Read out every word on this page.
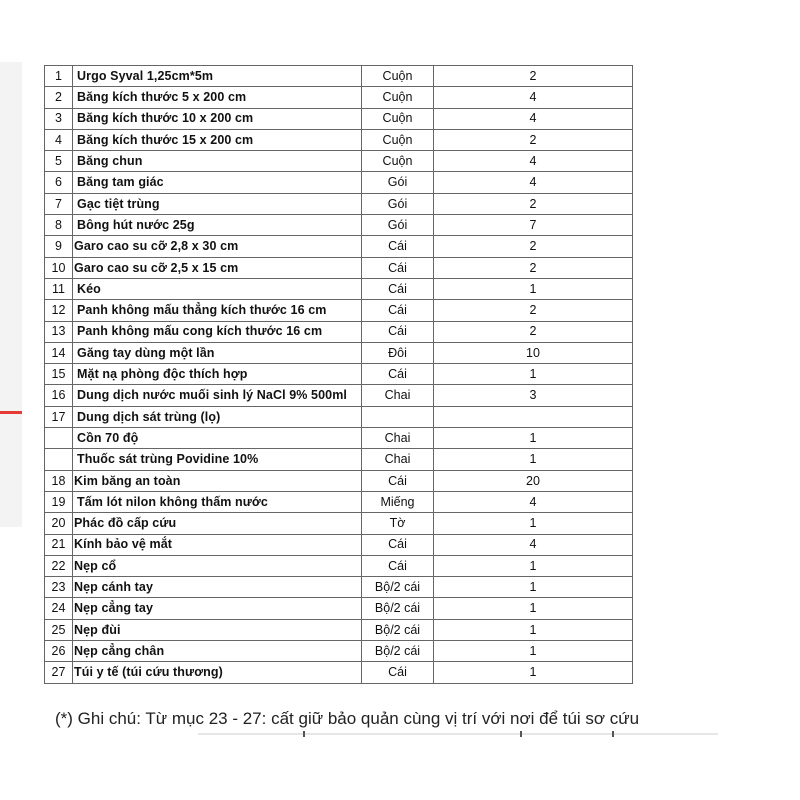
1	Urgo Syval 1,25cm*5m	Cuộn	2
2	Băng kích thước 5 x 200 cm	Cuộn	4
3	Băng kích thước 10 x 200 cm	Cuộn	4
4	Băng kích thước 15 x 200 cm	Cuộn	2
5	Băng chun	Cuộn	4
6	Băng tam giác	Gói	4
7	Gạc tiệt trùng	Gói	2
8	Bông hút nước 25g	Gói	7
9	Garo cao su cỡ 2,8 x 30 cm	Cái	2
10	Garo cao su cỡ 2,5 x 15 cm	Cái	2
11	Kéo	Cái	1
12	Panh không mấu thẳng kích thước 16 cm	Cái	2
13	Panh không mấu cong kích thước 16 cm	Cái	2
14	Găng tay dùng một lần	Đôi	10
15	Mặt nạ phòng độc thích hợp	Cái	1
16	Dung dịch nước muối sinh lý NaCl 9% 500ml	Chai	3
17	Dung dịch sát trùng (lọ)		
	Cồn 70 độ	Chai	1
	Thuốc sát trùng Povidine 10%	Chai	1
18	Kim băng an toàn	Cái	20
19	Tấm lót nilon không thấm nước	Miếng	4
20	Phác đồ cấp cứu	Tờ	1
21	Kính bảo vệ mắt	Cái	4
22	Nẹp cổ	Cái	1
23	Nẹp cánh tay	Bộ/2 cái	1
24	Nẹp cẳng tay	Bộ/2 cái	1
25	Nẹp đùi	Bộ/2 cái	1
26	Nẹp cẳng chân	Bộ/2 cái	1
27	Túi y tế (túi cứu thương)	Cái	1
(*) Ghi chú: Từ mục 23 - 27: cất giữ bảo quản cùng vị trí với nơi để túi sơ cứu
